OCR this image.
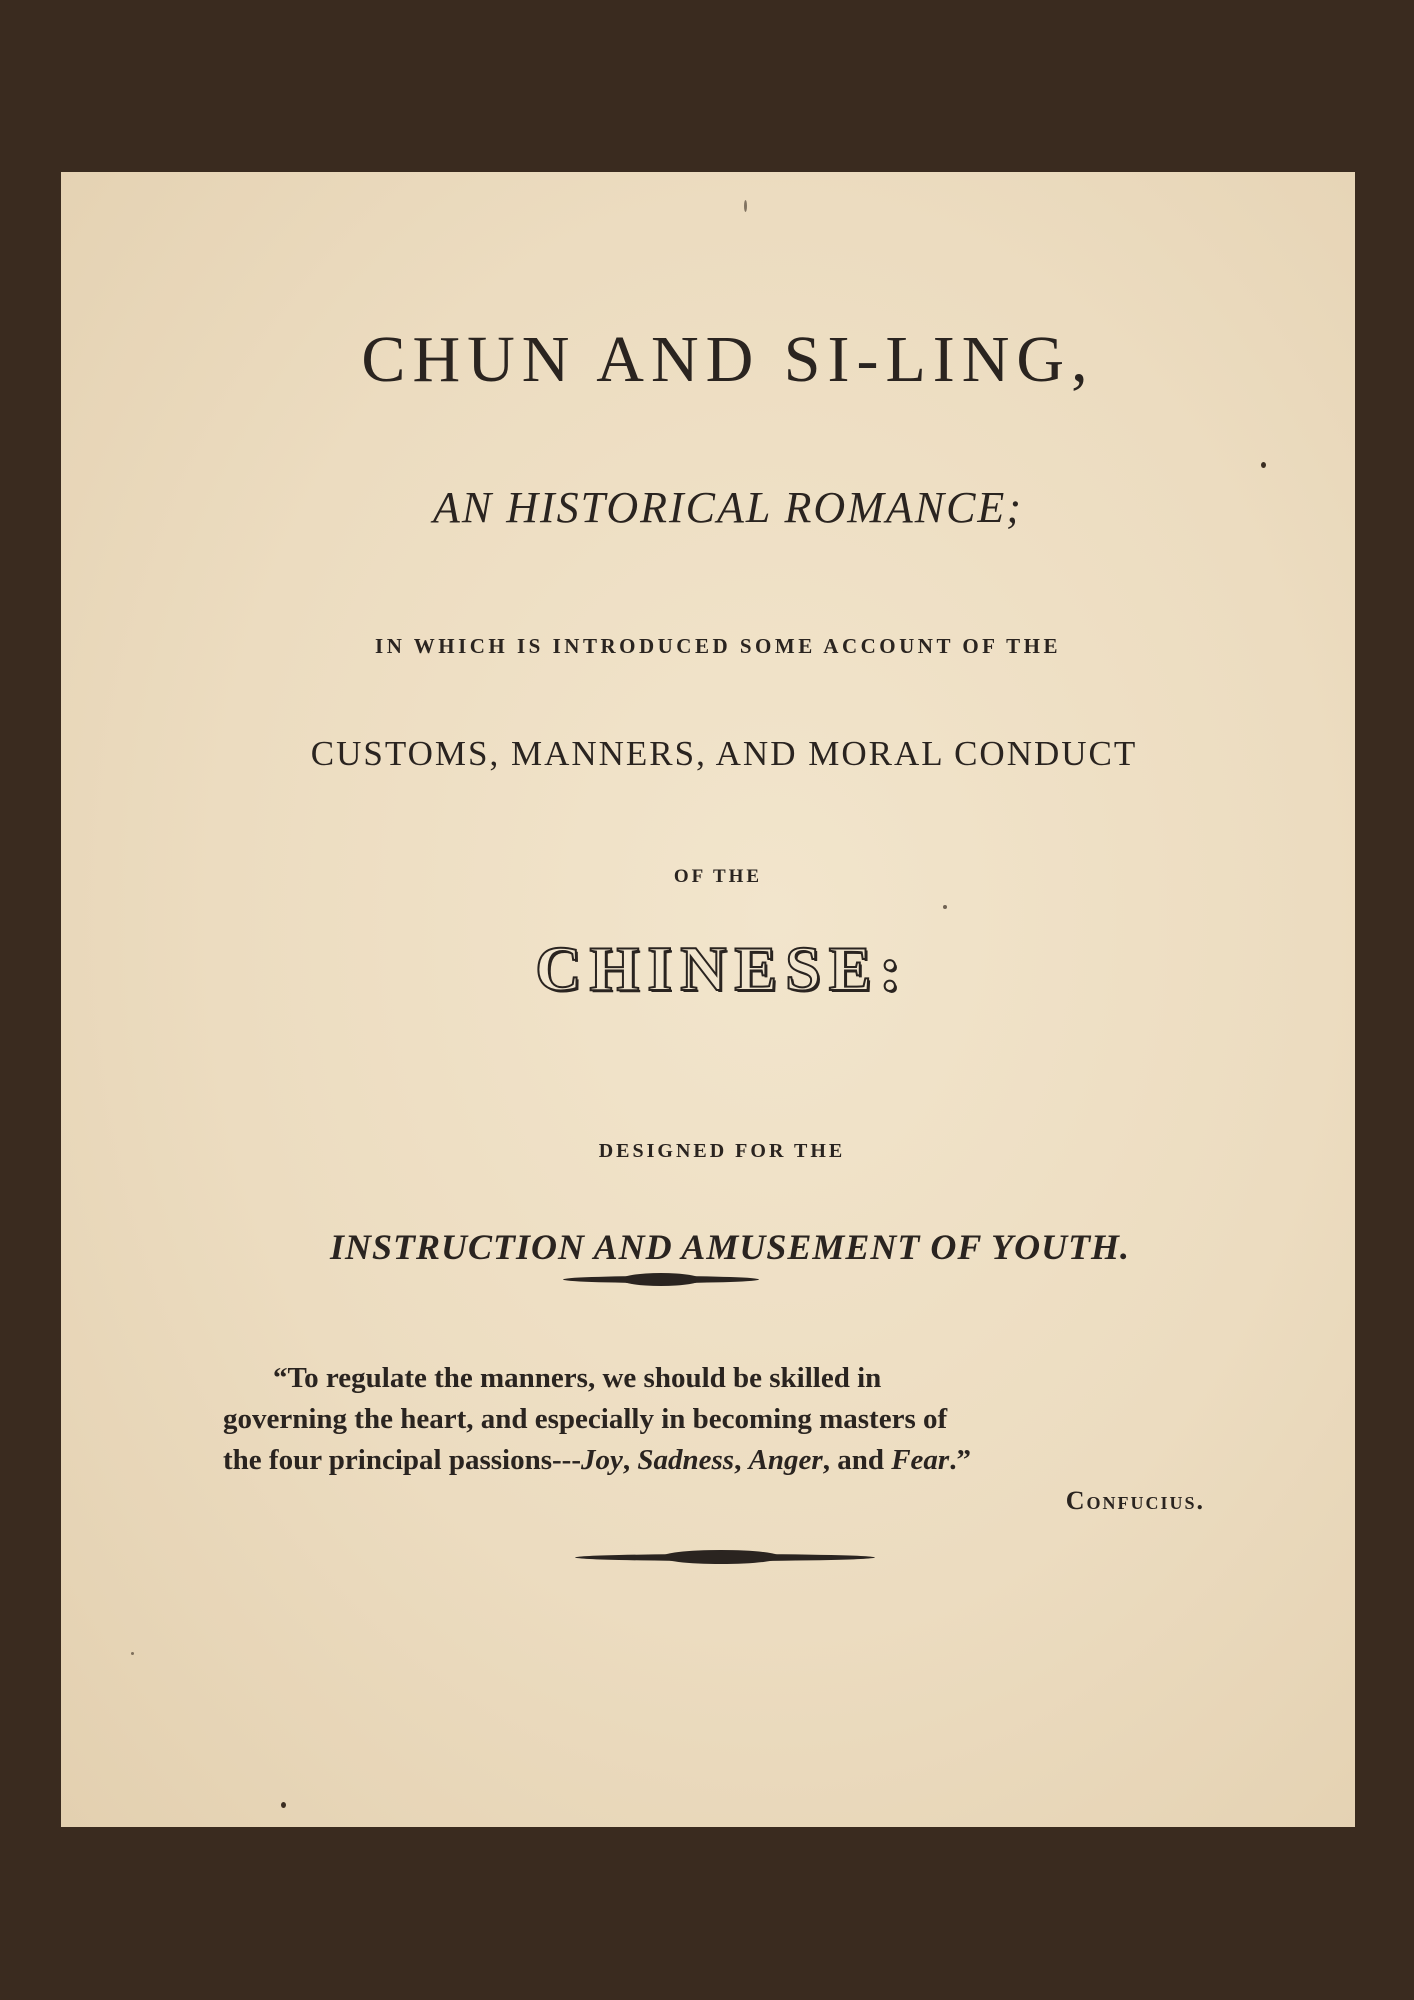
CHUN AND SI-LING,
AN HISTORICAL ROMANCE;
IN WHICH IS INTRODUCED SOME ACCOUNT OF THE
CUSTOMS, MANNERS, AND MORAL CONDUCT
OF THE
CHINESE:
DESIGNED FOR THE
INSTRUCTION AND AMUSEMENT OF YOUTH.
“To regulate the manners, we should be skilled in
governing the heart, and especially in becoming masters of
the four principal passions---Joy, Sadness, Anger, and Fear.”
Confucius.
